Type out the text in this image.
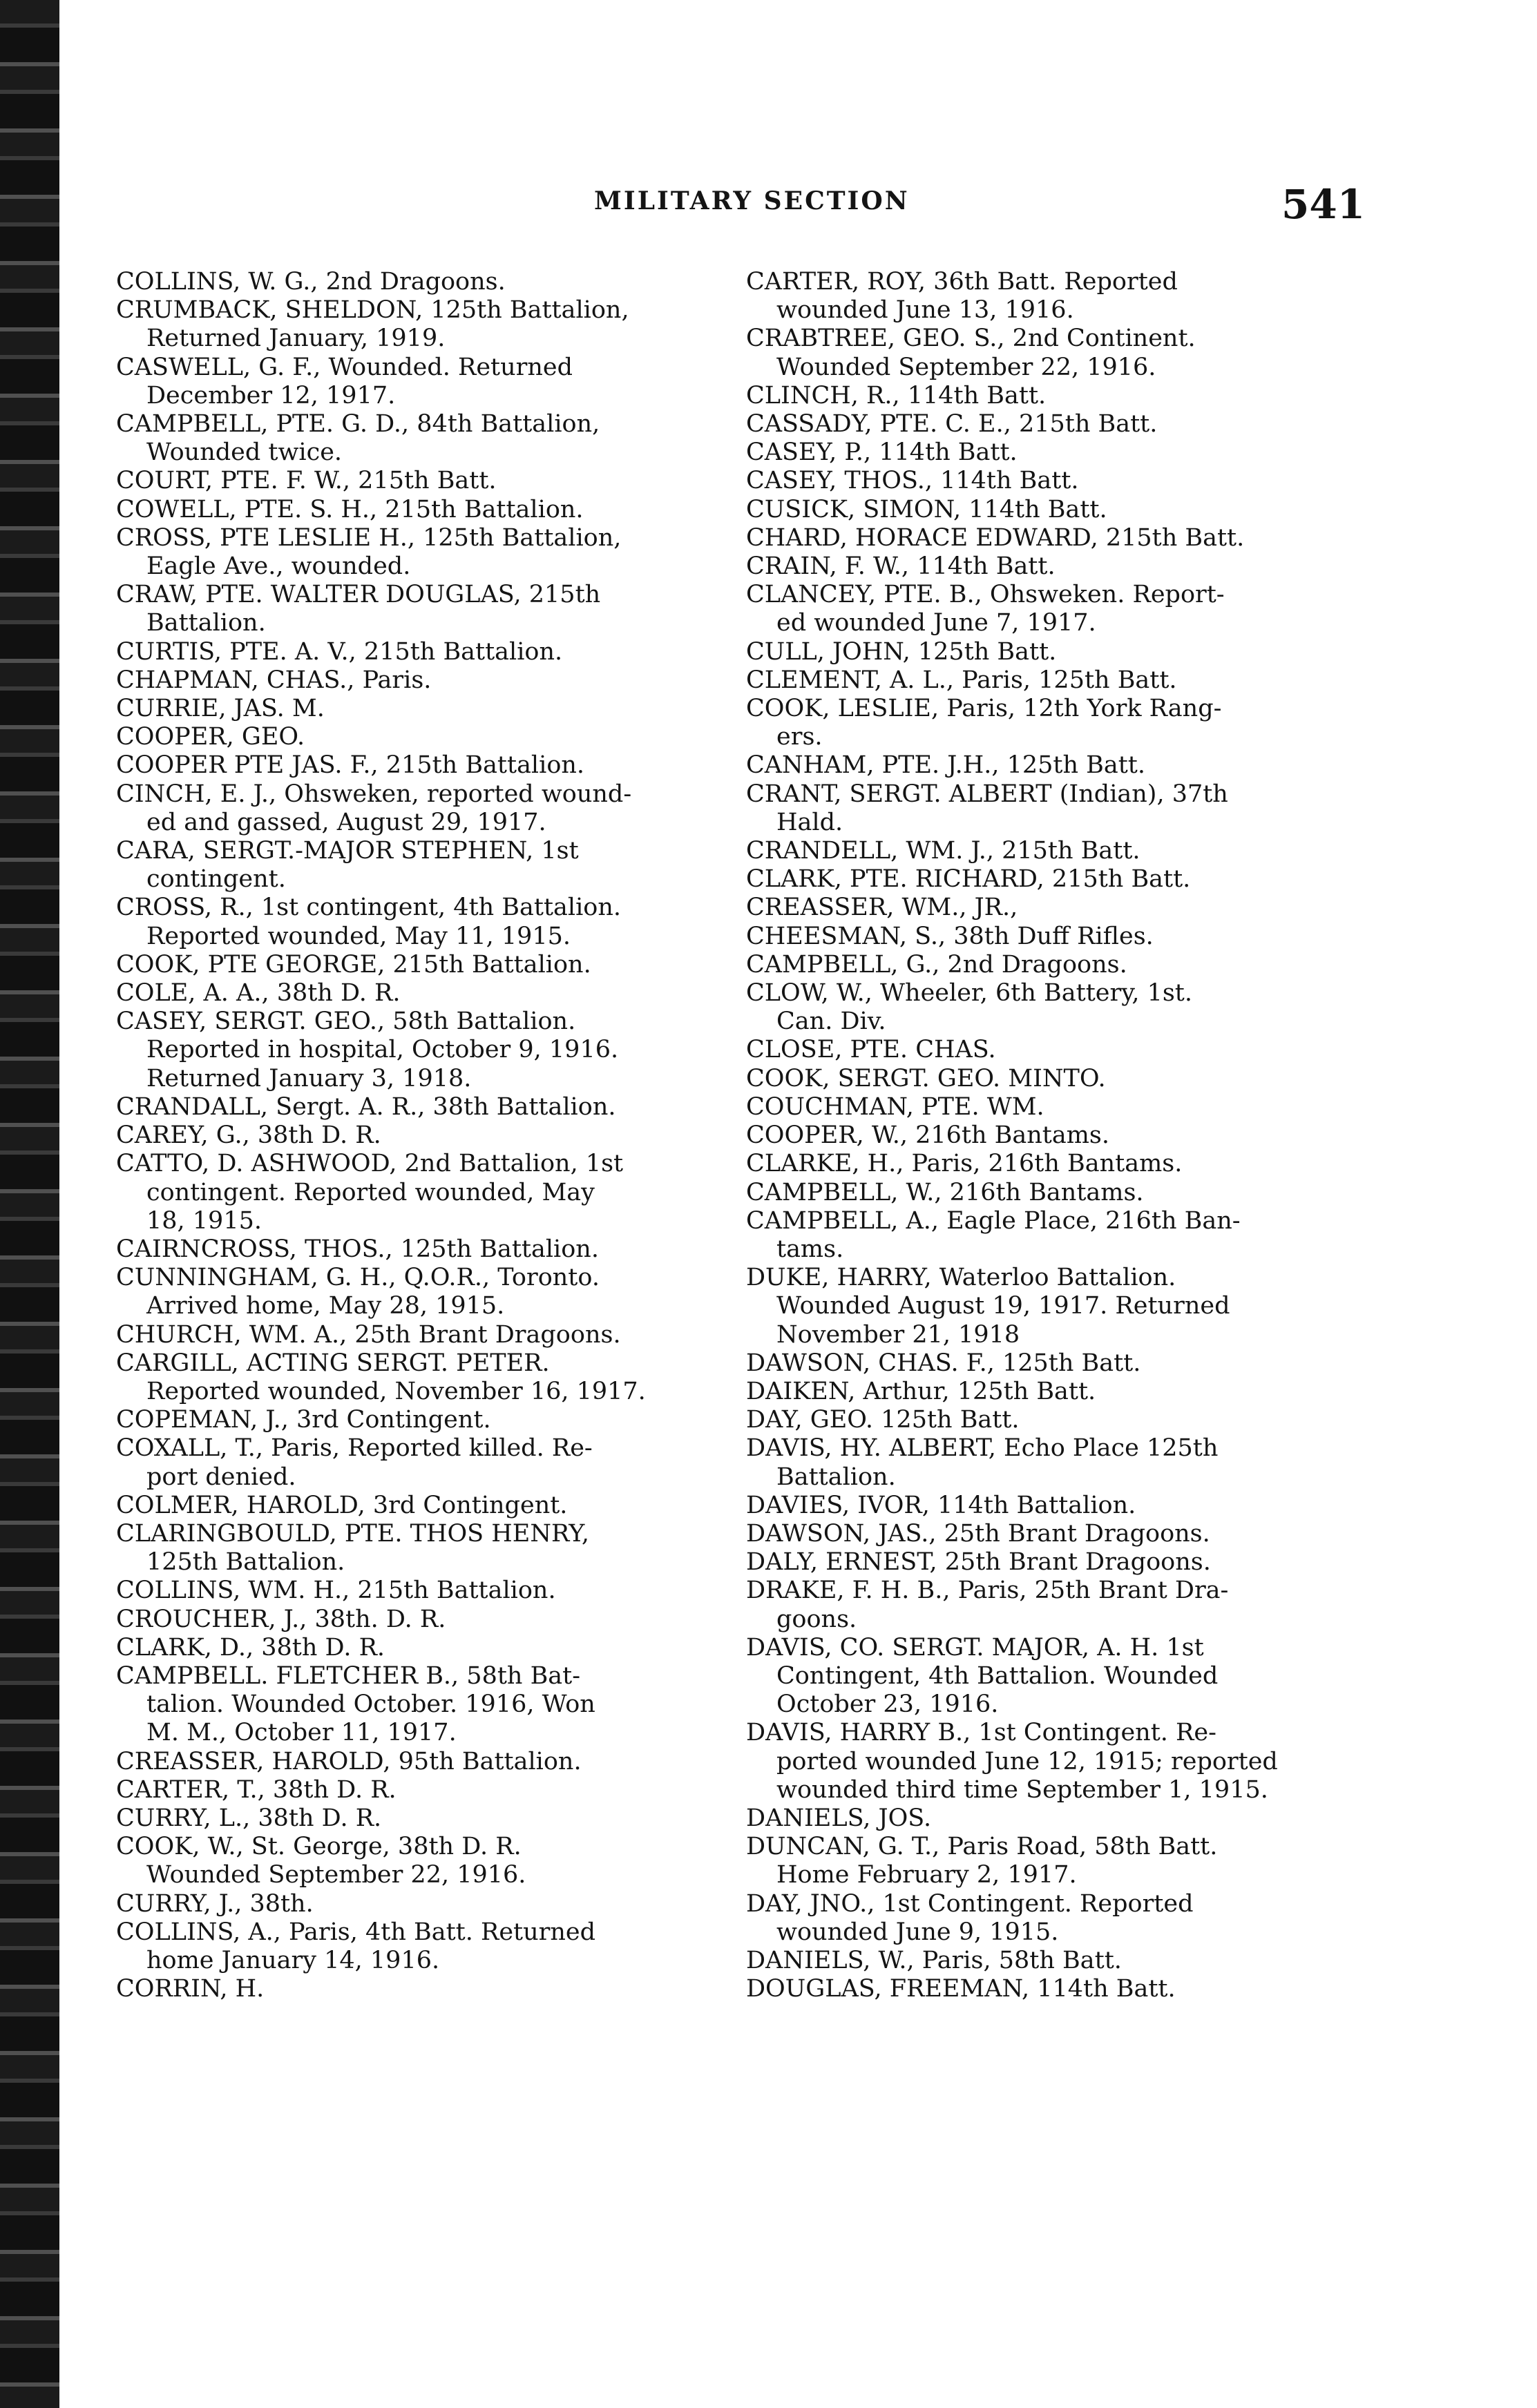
MILITARY SECTION	541
COLLINS, W. G., 2nd Dragoons.
CRUMBACK, SHELDON, 125th Battalion,
Returned January, 1919.
CASWELL, G. F., Wounded. Returned
December 12, 1917.
CAMPBELL, PTE. G. D., 84th Battalion,
Wounded twice.
COURT, PTE. F. W., 215th Batt.
COWELL, PTE. S. H., 215th Battalion.
CROSS, PTE LESLIE H., 125th Battalion,
Eagle Ave., wounded.
CRAW, PTE. WALTER DOUGLAS, 215th
Battalion.
CURTIS, PTE. A. V., 215th Battalion.
CHAPMAN, CHAS., Paris.
CURRIE, JAS. M.
COOPER, GEO.
COOPER PTE JAS. F., 215th Battalion.
CINCH, E. J., Ohsweken, reported wound-
ed and gassed, August 29, 1917.
CARA, SERGT.-MAJOR STEPHEN, 1st
contingent.
CROSS, R., 1st contingent, 4th Battalion.
Reported wounded, May 11, 1915.
COOK, PTE GEORGE, 215th Battalion.
COLE, A. A., 38th D. R.
CASEY, SERGT. GEO., 58th Battalion.
Reported in hospital, October 9, 1916.
Returned January 3, 1918.
CRANDALL, Sergt. A. R., 38th Battalion.
CAREY, G., 38th D. R.
CATTO, D. ASHWOOD, 2nd Battalion, 1st
contingent. Reported wounded, May
18, 1915.
CAIRNCROSS, THOS., 125th Battalion.
CUNNINGHAM, G. H., Q.O.R., Toronto.
Arrived home, May 28, 1915.
CHURCH, WM. A., 25th Brant Dragoons.
CARGILL, ACTING SERGT. PETER.
Reported wounded, November 16, 1917.
COPEMAN, J., 3rd Contingent.
COXALL, T., Paris, Reported killed. Re-
port denied.
COLMER, HAROLD, 3rd Contingent.
CLARINGBOULD, PTE. THOS HENRY,
125th Battalion.
COLLINS, WM. H., 215th Battalion.
CROUCHER, J., 38th. D. R.
CLARK, D., 38th D. R.
CAMPBELL. FLETCHER B., 58th Bat-
talion. Wounded October. 1916, Won
M. M., October 11, 1917.
CREASSER, HAROLD, 95th Battalion.
CARTER, T., 38th D. R.
CURRY, L., 38th D. R.
COOK, W., St. George, 38th D. R.
Wounded September 22, 1916.
CURRY, J., 38th.
COLLINS, A., Paris, 4th Batt. Returned
home January 14, 1916.
CORRIN, H.
CARTER, ROY, 36th Batt. Reported
wounded June 13, 1916.
CRABTREE, GEO. S., 2nd Continent.
Wounded September 22, 1916.
CLINCH, R., 114th Batt.
CASSADY, PTE. C. E., 215th Batt.
CASEY, P., 114th Batt.
CASEY, THOS., 114th Batt.
CUSICK, SIMON, 114th Batt.
CHARD, HORACE EDWARD, 215th Batt.
CRAIN, F. W., 114th Batt.
CLANCEY, PTE. B., Ohsweken. Report-
ed wounded June 7, 1917.
CULL, JOHN, 125th Batt.
CLEMENT, A. L., Paris, 125th Batt.
COOK, LESLIE, Paris, 12th York Rang-
ers.
CANHAM, PTE. J.H., 125th Batt.
CRANT, SERGT. ALBERT (Indian), 37th
Hald.
CRANDELL, WM. J., 215th Batt.
CLARK, PTE. RICHARD, 215th Batt.
CREASSER, WM., JR.,
CHEESMAN, S., 38th Duff Rifles.
CAMPBELL, G., 2nd Dragoons.
CLOW, W., Wheeler, 6th Battery, 1st.
Can. Div.
CLOSE, PTE. CHAS.
COOK, SERGT. GEO. MINTO.
COUCHMAN, PTE. WM.
COOPER, W., 216th Bantams.
CLARKE, H., Paris, 216th Bantams.
CAMPBELL, W., 216th Bantams.
CAMPBELL, A., Eagle Place, 216th Ban-
tams.
DUKE, HARRY, Waterloo Battalion.
Wounded August 19, 1917. Returned
November 21, 1918
DAWSON, CHAS. F., 125th Batt.
DAIKEN, Arthur, 125th Batt.
DAY, GEO. 125th Batt.
DAVIS, HY. ALBERT, Echo Place 125th
Battalion.
DAVIES, IVOR, 114th Battalion.
DAWSON, JAS., 25th Brant Dragoons.
DALY, ERNEST, 25th Brant Dragoons.
DRAKE, F. H. B., Paris, 25th Brant Dra-
goons.
DAVIS, CO. SERGT. MAJOR, A. H. 1st
Contingent, 4th Battalion. Wounded
October 23, 1916.
DAVIS, HARRY B., 1st Contingent. Re-
ported wounded June 12, 1915; reported
wounded third time September 1, 1915.
DANIELS, JOS.
DUNCAN, G. T., Paris Road, 58th Batt.
Home February 2, 1917.
DAY, JNO., 1st Contingent. Reported
wounded June 9, 1915.
DANIELS, W., Paris, 58th Batt.
DOUGLAS, FREEMAN, 114th Batt.
